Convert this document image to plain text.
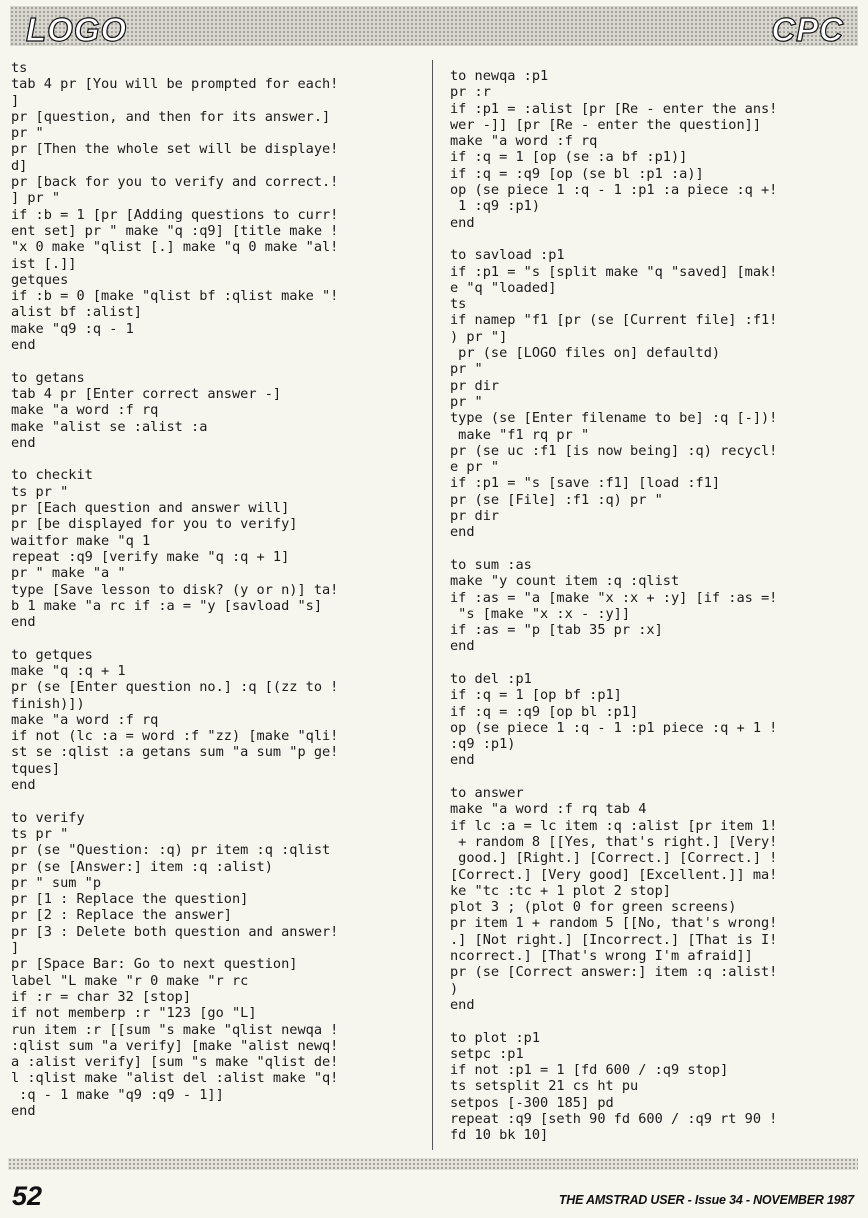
LOGO	CPC
ts
tab 4 pr [You will be prompted for each!
]
pr [question, and then for its answer.]
pr "
pr [Then the whole set will be displaye!
d]
pr [back for you to verify and correct.!
] pr "
if :b = 1 [pr [Adding questions to curr!
ent set] pr " make "q :q9] [title make !
"x 0 make "qlist [.] make "q 0 make "al!
ist [.]]
getques
if :b = 0 [make "qlist bf :qlist make "!
alist bf :alist]
make "q9 :q - 1
end

to getans
tab 4 pr [Enter correct answer -]
make "a word :f rq
make "alist se :alist :a
end

to checkit
ts pr "
pr [Each question and answer will]
pr [be displayed for you to verify]
waitfor make "q 1
repeat :q9 [verify make "q :q + 1]
pr " make "a "
type [Save lesson to disk? (y or n)] ta!
b 1 make "a rc if :a = "y [savload "s]
end

to getques
make "q :q + 1
pr (se [Enter question no.] :q [(zz to !
finish)])
make "a word :f rq
if not (lc :a = word :f "zz) [make "qli!
st se :qlist :a getans sum "a sum "p ge!
tques]
end

to verify
ts pr "
pr (se "Question: :q) pr item :q :qlist
pr (se [Answer:] item :q :alist)
pr " sum "p
pr [1 : Replace the question]
pr [2 : Replace the answer]
pr [3 : Delete both question and answer!
]
pr [Space Bar: Go to next question]
label "L make "r 0 make "r rc
if :r = char 32 [stop]
if not memberp :r "123 [go "L]
run item :r [[sum "s make "qlist newqa !
:qlist sum "a verify] [make "alist newq!
a :alist verify] [sum "s make "qlist de!
l :qlist make "alist del :alist make "q!
:q - 1 make "q9 :q9 - 1]]
end
to newqa :p1
pr :r
if :p1 = :alist [pr [Re - enter the ans!
wer -]] [pr [Re - enter the question]]
make "a word :f rq
if :q = 1 [op (se :a bf :p1)]
if :q = :q9 [op (se bl :p1 :a)]
op (se piece 1 :q - 1 :p1 :a piece :q +!
1 :q9 :p1)
end

to savload :p1
if :p1 = "s [split make "q "saved] [mak!
e "q "loaded]
ts
if namep "f1 [pr (se [Current file] :f1!
) pr "]
pr (se [LOGO files on] defaultd)
pr "
pr dir
pr "
type (se [Enter filename to be] :q [-])!
make "f1 rq pr "
pr (se uc :f1 [is now being] :q) recycl!
e pr "
if :p1 = "s [save :f1] [load :f1]
pr (se [File] :f1 :q) pr "
pr dir
end

to sum :as
make "y count item :q :qlist
if :as = "a [make "x :x + :y] [if :as =!
"s [make "x :x - :y]]
if :as = "p [tab 35 pr :x]
end

to del :p1
if :q = 1 [op bf :p1]
if :q = :q9 [op bl :p1]
op (se piece 1 :q - 1 :p1 piece :q + 1 !
:q9 :p1)
end

to answer
make "a word :f rq tab 4
if lc :a = lc item :q :alist [pr item 1!
+ random 8 [[Yes, that's right.] [Very!
good.] [Right.] [Correct.] [Correct.] !
[Correct.] [Very good] [Excellent.]] ma!
ke "tc :tc + 1 plot 2 stop]
plot 3 ; (plot 0 for green screens)
pr item 1 + random 5 [[No, that's wrong!
.] [Not right.] [Incorrect.] [That is I!
ncorrect.] [That's wrong I'm afraid]]
pr (se [Correct answer:] item :q :alist!
)
end

to plot :p1
setpc :p1
if not :p1 = 1 [fd 600 / :q9 stop]
ts setsplit 21 cs ht pu
setpos [-300 185] pd
repeat :q9 [seth 90 fd 600 / :q9 rt 90 !
fd 10 bk 10]
52	THE AMSTRAD USER - Issue 34 - NOVEMBER 1987
